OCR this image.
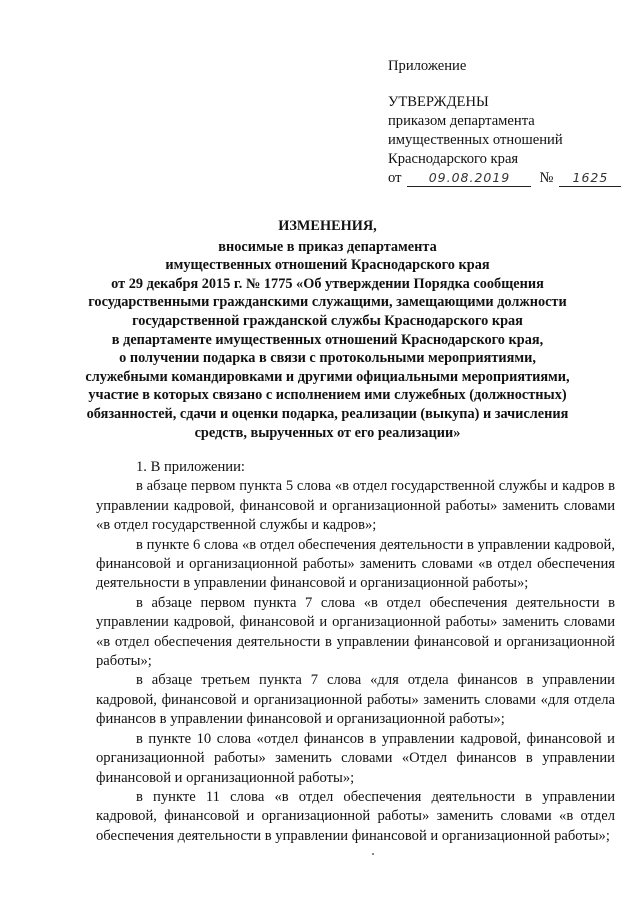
Приложение
УТВЕРЖДЕНЫ
приказом департамента
имущественных отношений
Краснодарского края
от 09.08.2019 № 1625
ИЗМЕНЕНИЯ,
вносимые в приказ департамента
имущественных отношений Краснодарского края
от 29 декабря 2015 г. № 1775 «Об утверждении Порядка сообщения
государственными гражданскими служащими, замещающими должности
государственной гражданской службы Краснодарского края
в департаменте имущественных отношений Краснодарского края,
о получении подарка в связи с протокольными мероприятиями,
служебными командировками и другими официальными мероприятиями,
участие в которых связано с исполнением ими служебных (должностных)
обязанностей, сдачи и оценки подарка, реализации (выкупа) и зачисления
средств, вырученных от его реализации»

1. В приложении:

в абзаце первом пункта 5 слова «в отдел государственной службы и кадров в управлении кадровой, финансовой и организационной работы» заменить словами «в отдел государственной службы и кадров»;

в пункте 6 слова «в отдел обеспечения деятельности в управлении кадровой, финансовой и организационной работы» заменить словами «в отдел обеспечения деятельности в управлении финансовой и организационной работы»;

в абзаце первом пункта 7 слова «в отдел обеспечения деятельности в управлении кадровой, финансовой и организационной работы» заменить словами «в отдел обеспечения деятельности в управлении финансовой и организационной работы»;

в абзаце третьем пункта 7 слова «для отдела финансов в управлении кадровой, финансовой и организационной работы» заменить словами «для отдела финансов в управлении финансовой и организационной работы»;

в пункте 10 слова «отдел финансов в управлении кадровой, финансовой и организационной работы» заменить словами «Отдел финансов в управлении финансовой и организационной работы»;

в пункте 11 слова «в отдел обеспечения деятельности в управлении кадровой, финансовой и организационной работы» заменить словами «в отдел обеспечения деятельности в управлении финансовой и организационной работы»;
